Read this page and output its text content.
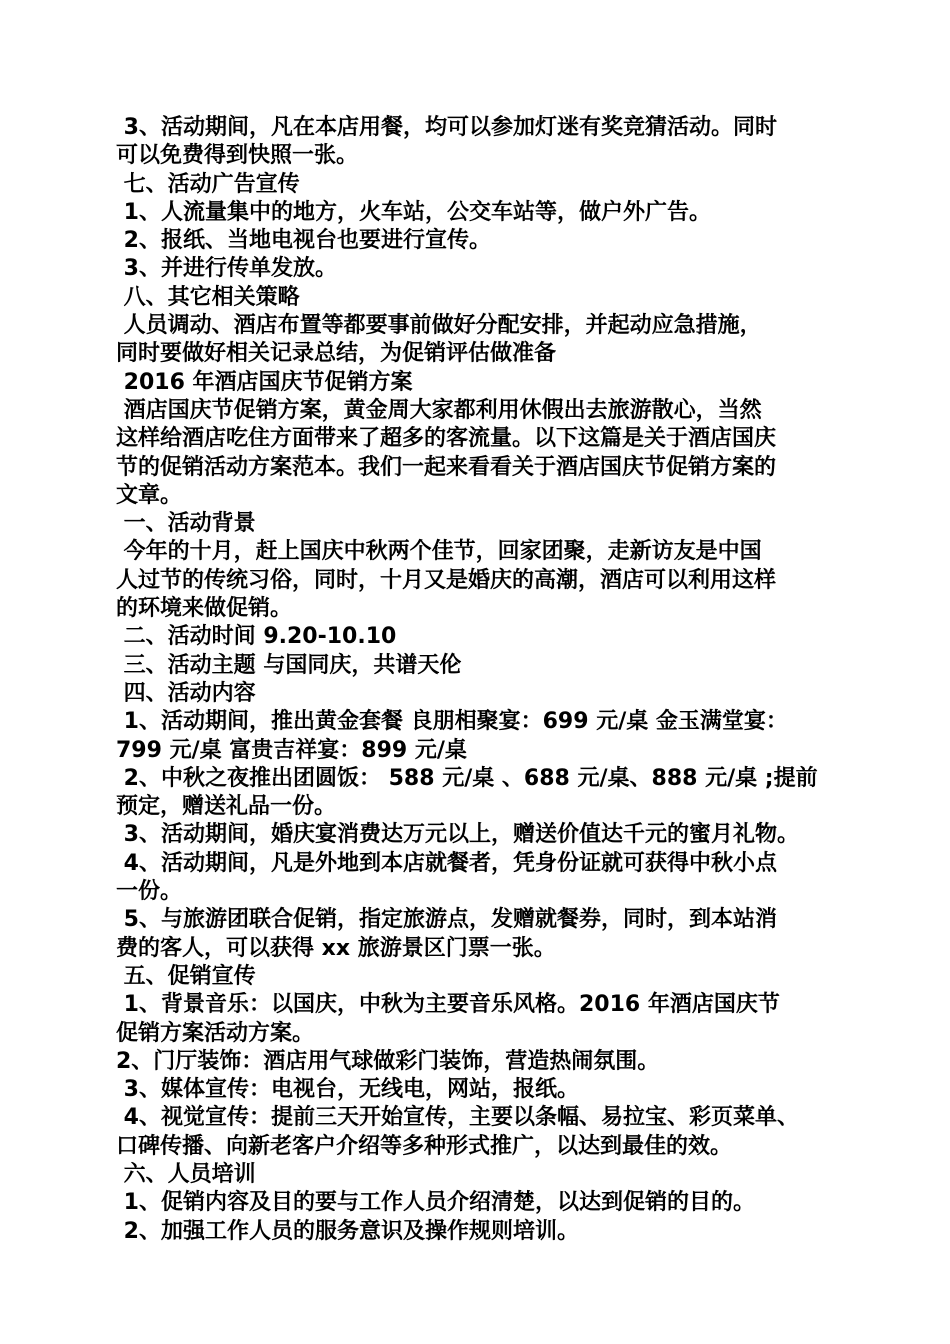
3、活动期间，凡在本店用餐，均可以参加灯迷有奖竞猜活动。同时
可以免费得到快照一张。
七、活动广告宣传
1、人流量集中的地方，火车站，公交车站等，做户外广告。
2、报纸、当地电视台也要进行宣传。
3、并进行传单发放。
八、其它相关策略
人员调动、酒店布置等都要事前做好分配安排，并起动应急措施，
同时要做好相关记录总结，为促销评估做准备
2016 年酒店国庆节促销方案
酒店国庆节促销方案，黄金周大家都利用休假出去旅游散心，当然
这样给酒店吃住方面带来了超多的客流量。以下这篇是关于酒店国庆
节的促销活动方案范本。我们一起来看看关于酒店国庆节促销方案的
文章。
一、活动背景
今年的十月，赶上国庆中秋两个佳节，回家团聚，走新访友是中国
人过节的传统习俗，同时，十月又是婚庆的高潮，酒店可以利用这样
的环境来做促销。
二、活动时间 9.20-10.10
三、活动主题 与国同庆，共谱天伦
四、活动内容
1、活动期间，推出黄金套餐 良朋相聚宴：699 元/桌 金玉满堂宴：
799 元/桌 富贵吉祥宴：899 元/桌
2、中秋之夜推出团圆饭： 588 元/桌 、688 元/桌、888 元/桌 ;提前
预定，赠送礼品一份。
3、活动期间，婚庆宴消费达万元以上，赠送价值达千元的蜜月礼物。
4、活动期间，凡是外地到本店就餐者，凭身份证就可获得中秋小点
一份。
5、与旅游团联合促销，指定旅游点，发赠就餐券，同时，到本站消
费的客人，可以获得 xx 旅游景区门票一张。
五、促销宣传
1、背景音乐：以国庆，中秋为主要音乐风格。2016 年酒店国庆节
促销方案活动方案。
2、门厅装饰：酒店用气球做彩门装饰，营造热闹氛围。
3、媒体宣传：电视台，无线电，网站，报纸。
4、视觉宣传：提前三天开始宣传，主要以条幅、易拉宝、彩页菜单、
口碑传播、向新老客户介绍等多种形式推广，以达到最佳的效。
六、人员培训
1、促销内容及目的要与工作人员介绍清楚，以达到促销的目的。
2、加强工作人员的服务意识及操作规则培训。
